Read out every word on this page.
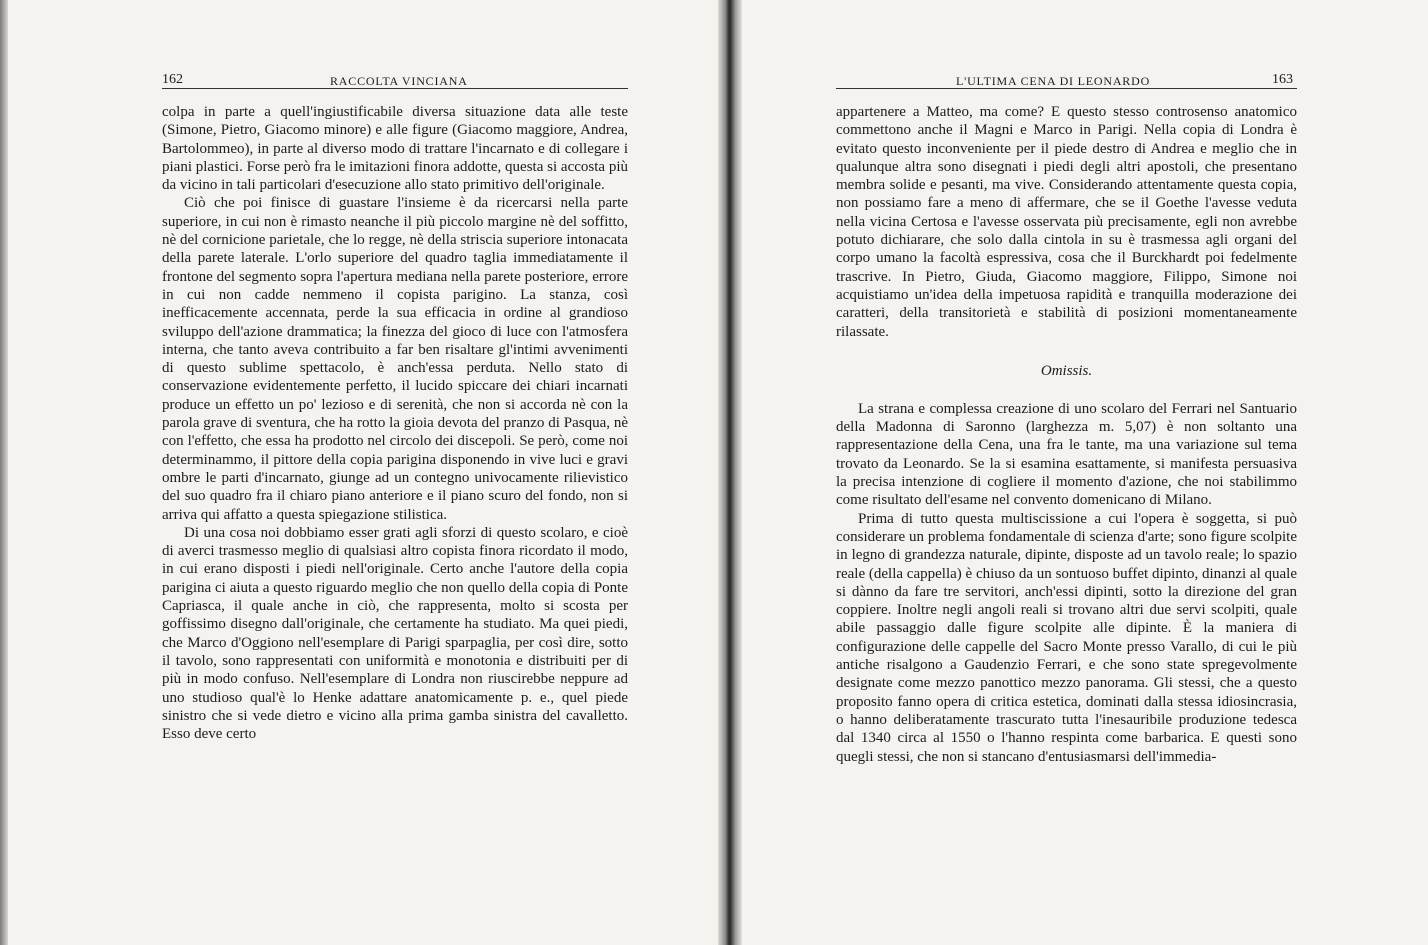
162	RACCOLTA VINCIANA

colpa in parte a quell'ingiustificabile diversa situazione data alle teste (Simone, Pietro, Giacomo minore) e alle figure (Giacomo maggiore, Andrea, Bartolommeo), in parte al diverso modo di trattare l'incarnato e di collegare i piani plastici. Forse però fra le imitazioni finora addotte, questa si accosta più da vicino in tali particolari d'esecuzione allo stato primitivo dell'originale.

Ciò che poi finisce di guastare l'insieme è da ricercarsi nella parte superiore, in cui non è rimasto neanche il più piccolo margine nè del soffitto, nè del cornicione parietale, che lo regge, nè della striscia superiore intonacata della parete laterale. L'orlo superiore del quadro taglia immediatamente il frontone del segmento sopra l'apertura mediana nella parete posteriore, errore in cui non cadde nemmeno il copista parigino. La stanza, così inefficacemente accennata, perde la sua efficacia in ordine al grandioso sviluppo dell'azione drammatica; la finezza del gioco di luce con l'atmosfera interna, che tanto aveva contribuito a far ben risaltare gl'intimi avvenimenti di questo sublime spettacolo, è anch'essa perduta. Nello stato di conservazione evidentemente perfetto, il lucido spiccare dei chiari incarnati produce un effetto un po' lezioso e di serenità, che non si accorda nè con la parola grave di sventura, che ha rotto la gioia devota del pranzo di Pasqua, nè con l'effetto, che essa ha prodotto nel circolo dei discepoli. Se però, come noi determinammo, il pittore della copia parigina disponendo in vive luci e gravi ombre le parti d'incarnato, giunge ad un contegno univocamente rilievistico del suo quadro fra il chiaro piano anteriore e il piano scuro del fondo, non si arriva qui affatto a questa spiegazione stilistica.

Di una cosa noi dobbiamo esser grati agli sforzi di questo scolaro, e cioè di averci trasmesso meglio di qualsiasi altro copista finora ricordato il modo, in cui erano disposti i piedi nell'originale. Certo anche l'autore della copia parigina ci aiuta a questo riguardo meglio che non quello della copia di Ponte Capriasca, il quale anche in ciò, che rappresenta, molto si scosta per goffissimo disegno dall'originale, che certamente ha studiato. Ma quei piedi, che Marco d'Oggiono nell'esemplare di Parigi sparpaglia, per così dire, sotto il tavolo, sono rappresentati con uniformità e monotonia e distribuiti per di più in modo confuso. Nell'esemplare di Londra non riuscirebbe neppure ad uno studioso qual'è lo Henke adattare anatomicamente p. e., quel piede sinistro che si vede dietro e vicino alla prima gamba sinistra del cavalletto. Esso deve certo

L'ULTIMA CENA DI LEONARDO	163

appartenere a Matteo, ma come? E questo stesso controsenso anatomico commettono anche il Magni e Marco in Parigi. Nella copia di Londra è evitato questo inconveniente per il piede destro di Andrea e meglio che in qualunque altra sono disegnati i piedi degli altri apostoli, che presentano membra solide e pesanti, ma vive. Considerando attentamente questa copia, non possiamo fare a meno di affermare, che se il Goethe l'avesse veduta nella vicina Certosa e l'avesse osservata più precisamente, egli non avrebbe potuto dichiarare, che solo dalla cintola in su è trasmessa agli organi del corpo umano la facoltà espressiva, cosa che il Burckhardt poi fedelmente trascrive. In Pietro, Giuda, Giacomo maggiore, Filippo, Simone noi acquistiamo un'idea della impetuosa rapidità e tranquilla moderazione dei caratteri, della transitorietà e stabilità di posizioni momentaneamente rilassate.

Omissis.

La strana e complessa creazione di uno scolaro del Ferrari nel Santuario della Madonna di Saronno (larghezza m. 5,07) è non soltanto una rappresentazione della Cena, una fra le tante, ma una variazione sul tema trovato da Leonardo. Se la si esamina esattamente, si manifesta persuasiva la precisa intenzione di cogliere il momento d'azione, che noi stabilimmo come risultato dell'esame nel convento domenicano di Milano.

Prima di tutto questa multiscissione a cui l'opera è soggetta, si può considerare un problema fondamentale di scienza d'arte; sono figure scolpite in legno di grandezza naturale, dipinte, disposte ad un tavolo reale; lo spazio reale (della cappella) è chiuso da un sontuoso buffet dipinto, dinanzi al quale si dànno da fare tre servitori, anch'essi dipinti, sotto la direzione del gran coppiere. Inoltre negli angoli reali si trovano altri due servi scolpiti, quale abile passaggio dalle figure scolpite alle dipinte. È la maniera di configurazione delle cappelle del Sacro Monte presso Varallo, di cui le più antiche risalgono a Gaudenzio Ferrari, e che sono state spregevolmente designate come mezzo panottico mezzo panorama. Gli stessi, che a questo proposito fanno opera di critica estetica, dominati dalla stessa idiosincrasia, o hanno deliberatamente trascurato tutta l'inesauribile produzione tedesca dal 1340 circa al 1550 o l'hanno respinta come barbarica. E questi sono quegli stessi, che non si stancano d'entusiasmarsi dell'immedia-
